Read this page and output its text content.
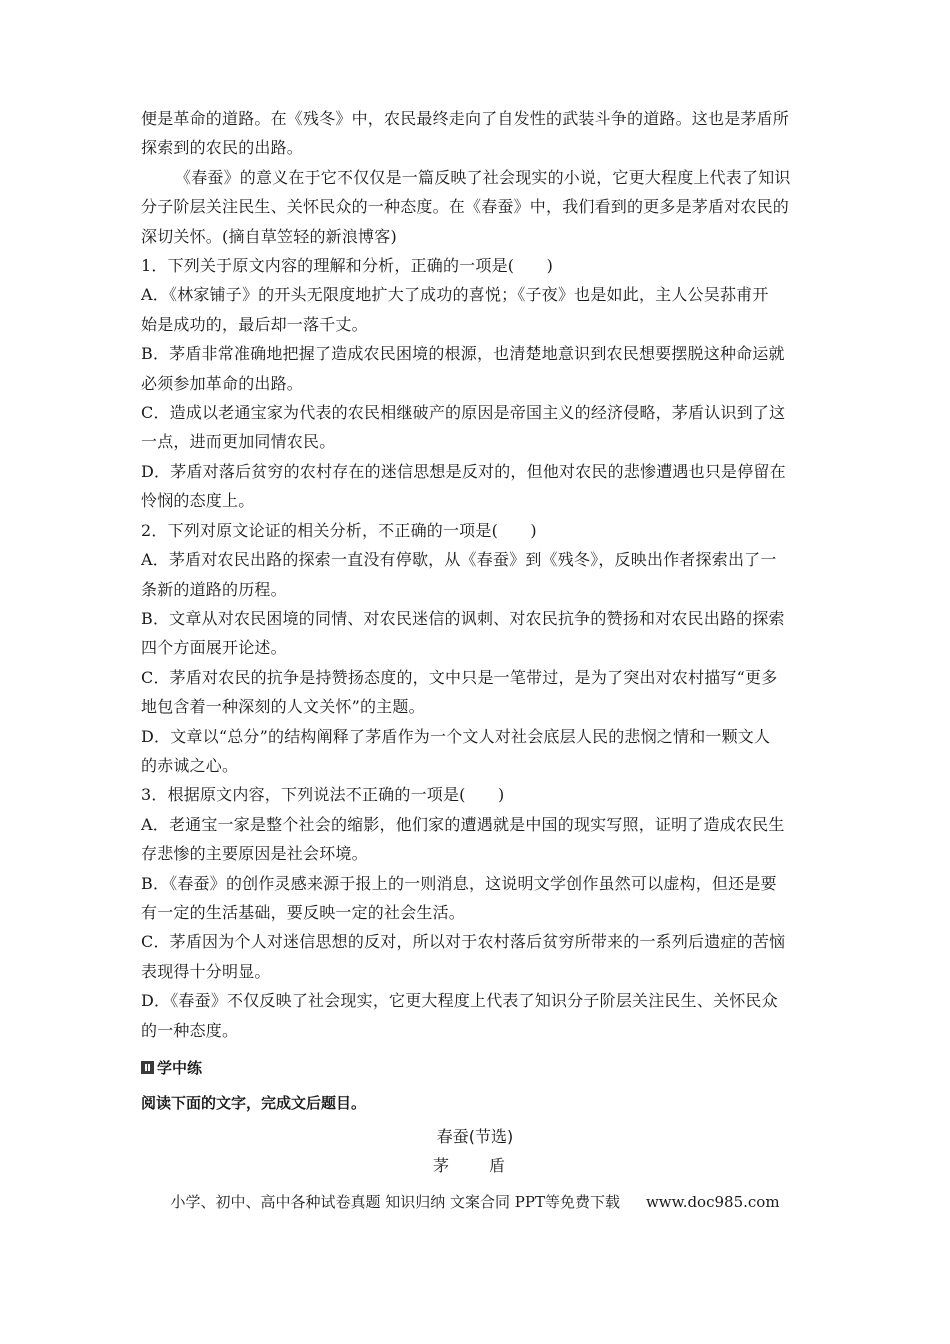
便是革命的道路。在《残冬》中，农民最终走向了自发性的武装斗争的道路。这也是茅盾所
探索到的农民的出路。
《春蚕》的意义在于它不仅仅是一篇反映了社会现实的小说，它更大程度上代表了知识
分子阶层关注民生、关怀民众的一种态度。在《春蚕》中，我们看到的更多是茅盾对农民的
深切关怀。(摘自草笠轻的新浪博客)
1．下列关于原文内容的理解和分析，正确的一项是(　　)
A．《林家铺子》的开头无限度地扩大了成功的喜悦；《子夜》也是如此，主人公吴荪甫开
始是成功的，最后却一落千丈。
B．茅盾非常准确地把握了造成农民困境的根源，也清楚地意识到农民想要摆脱这种命运就
必须参加革命的出路。
C．造成以老通宝家为代表的农民相继破产的原因是帝国主义的经济侵略，茅盾认识到了这
一点，进而更加同情农民。
D．茅盾对落后贫穷的农村存在的迷信思想是反对的，但他对农民的悲惨遭遇也只是停留在
怜悯的态度上。
2．下列对原文论证的相关分析，不正确的一项是(　　)
A．茅盾对农民出路的探索一直没有停歇，从《春蚕》到《残冬》，反映出作者探索出了一
条新的道路的历程。
B．文章从对农民困境的同情、对农民迷信的讽刺、对农民抗争的赞扬和对农民出路的探索
四个方面展开论述。
C．茅盾对农民的抗争是持赞扬态度的，文中只是一笔带过，是为了突出对农村描写“更多
地包含着一种深刻的人文关怀”的主题。
D．文章以“总分”的结构阐释了茅盾作为一个文人对社会底层人民的悲悯之情和一颗文人
的赤诚之心。
3．根据原文内容，下列说法不正确的一项是(　　)
A．老通宝一家是整个社会的缩影，他们家的遭遇就是中国的现实写照，证明了造成农民生
存悲惨的主要原因是社会环境。
B．《春蚕》的创作灵感来源于报上的一则消息，这说明文学创作虽然可以虚构，但还是要
有一定的生活基础，要反映一定的社会生活。
C．茅盾因为个人对迷信思想的反对，所以对于农村落后贫穷所带来的一系列后遗症的苦恼
表现得十分明显。
D．《春蚕》不仅反映了社会现实，它更大程度上代表了知识分子阶层关注民生、关怀民众
的一种态度。
学中练
阅读下面的文字，完成文后题目。
春蚕(节选)
茅　盾
小学、初中、高中各种试卷真题 知识归纳 文案合同 PPT等免费下载 www.doc985.com
